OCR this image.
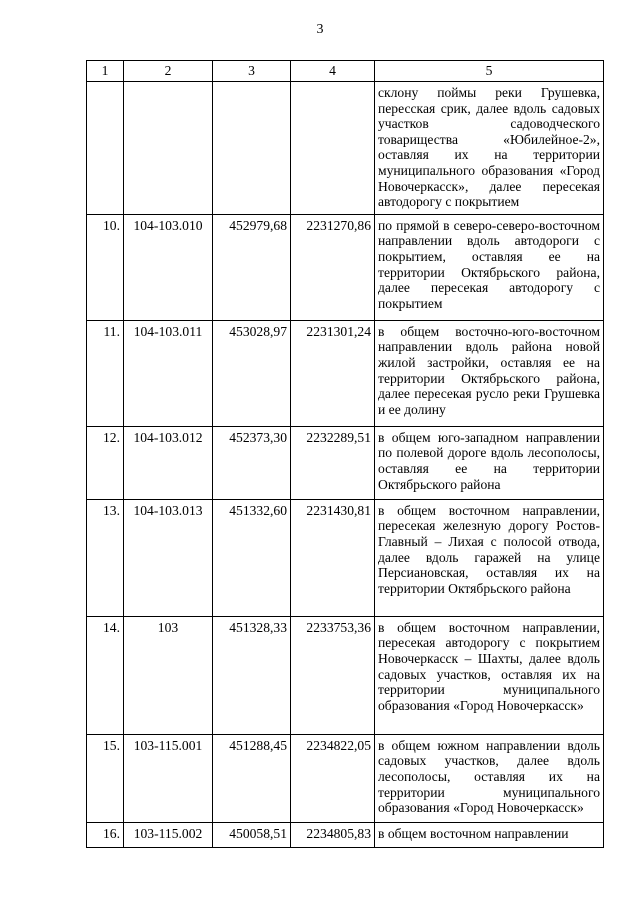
3
1	2	3	4	5
				склону поймы реки Грушевка, пересская срик, далее вдоль садовых участков садоводческого товарищества «Юбилейное-2», оставляя их на территории муниципального образования «Город Новочеркасск», далее пересекая автодорогу с покрытием
10.	104-103.010	452979,68	2231270,86	по прямой в северо-северо-восточном направлении вдоль автодороги с покрытием, оставляя ее на территории Октябрьского района, далее пересекая автодорогу с покрытием
11.	104-103.011	453028,97	2231301,24	в общем восточно-юго-восточном направлении вдоль района новой жилой застройки, оставляя ее на территории Октябрьского района, далее пересекая русло реки Грушевка и ее долину
12.	104-103.012	452373,30	2232289,51	в общем юго-западном направлении по полевой дороге вдоль лесополосы, оставляя ее на территории Октябрьского района
13.	104-103.013	451332,60	2231430,81	в общем восточном направлении, пересекая железную дорогу Ростов-Главный – Лихая с полосой отвода, далее вдоль гаражей на улице Персиановская, оставляя их на территории Октябрьского района
14.	103	451328,33	2233753,36	в общем восточном направлении, пересекая автодорогу с покрытием Новочеркасск – Шахты, далее вдоль садовых участков, оставляя их на территории муниципального образования «Город Новочеркасск»
15.	103-115.001	451288,45	2234822,05	в общем южном направлении вдоль садовых участков, далее вдоль лесополосы, оставляя их на территории муниципального образования «Город Новочеркасск»
16.	103-115.002	450058,51	2234805,83	в общем восточном направлении
